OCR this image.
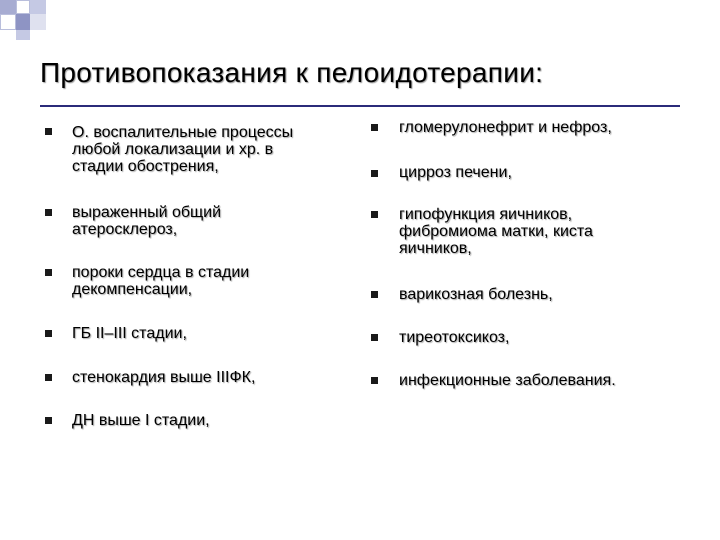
Противопоказания к пелоидотерапии:
О. воспалительные процессы
любой локализации и хр. в
стадии обострения,
выраженный общий
атеросклероз,
пороки сердца в стадии
декомпенсации,
ГБ II–III стадии,
стенокардия выше IIIФК,
ДН выше I стадии,
гломерулонефрит и нефроз,
цирроз печени,
гипофункция яичников,
фибромиома матки, киста
яичников,
варикозная болезнь,
тиреотоксикоз,
инфекционные заболевания.
